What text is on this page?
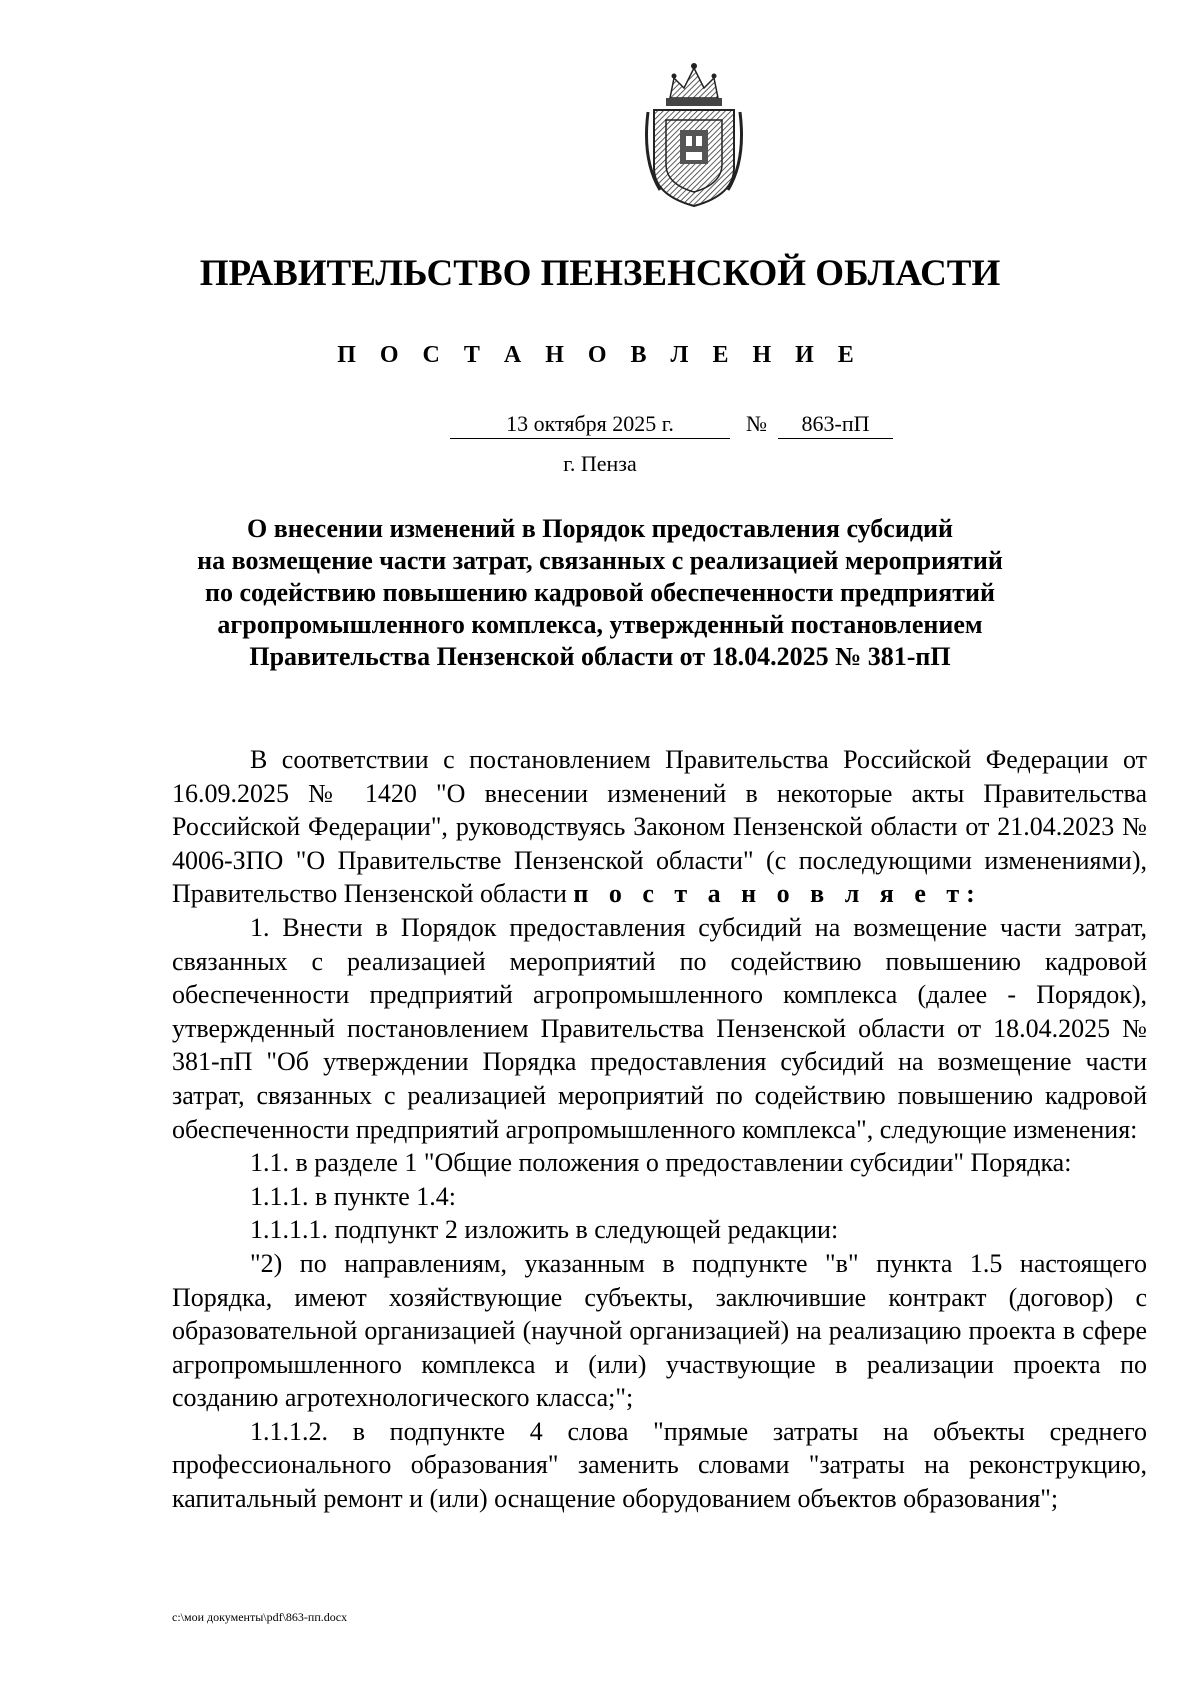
ПРАВИТЕЛЬСТВО ПЕНЗЕНСКОЙ ОБЛАСТИ
П О С Т А Н О В Л Е Н И Е
13 октября 2025 г.	№	863-пП
г. Пенза
О внесении изменений в Порядок предоставления субсидий
на возмещение части затрат, связанных с реализацией мероприятий
по содействию повышению кадровой обеспеченности предприятий
агропромышленного комплекса, утвержденный постановлением
Правительства Пензенской области от 18.04.2025 № 381-пП

В соответствии с постановлением Правительства Российской Федерации от 16.09.2025 № 1420 "О внесении изменений в некоторые акты Правительства Российской Федерации", руководствуясь Законом Пензенской области от 21.04.2023 № 4006-ЗПО "О Правительстве Пензенской области" (с последующими изменениями), Правительство Пензенской области п о с т а н о в л я е т:

1. Внести в Порядок предоставления субсидий на возмещение части затрат, связанных с реализацией мероприятий по содействию повышению кадровой обеспеченности предприятий агропромышленного комплекса (далее - Порядок), утвержденный постановлением Правительства Пензенской области от 18.04.2025 № 381-пП "Об утверждении Порядка предоставления субсидий на возмещение части затрат, связанных с реализацией мероприятий по содействию повышению кадровой обеспеченности предприятий агропромышленного комплекса", следующие изменения:

1.1. в разделе 1 "Общие положения о предоставлении субсидии" Порядка:

1.1.1. в пункте 1.4:

1.1.1.1. подпункт 2 изложить в следующей редакции:

"2) по направлениям, указанным в подпункте "в" пункта 1.5 настоящего Порядка, имеют хозяйствующие субъекты, заключившие контракт (договор) с образовательной организацией (научной организацией) на реализацию проекта в сфере агропромышленного комплекса и (или) участвующие в реализации проекта по созданию агротехнологического класса;";

1.1.1.2. в подпункте 4 слова "прямые затраты на объекты среднего профессионального образования" заменить словами "затраты на реконструкцию, капитальный ремонт и (или) оснащение оборудованием объектов образования";

c:\мои документы\pdf\863-пп.docx
